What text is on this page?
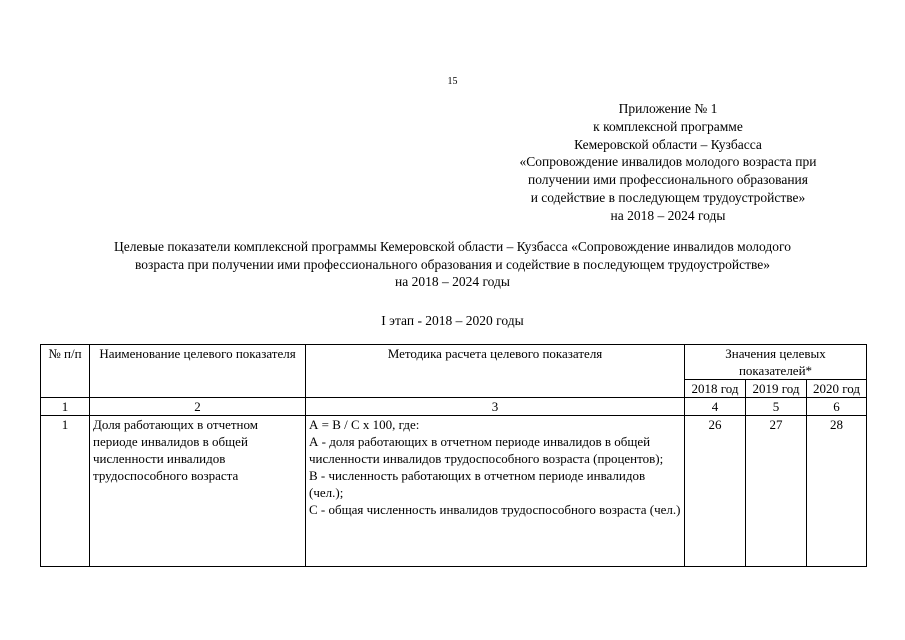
15
Приложение № 1
к комплексной программе
Кемеровской области – Кузбасса
«Сопровождение инвалидов молодого возраста при
получении ими профессионального образования
и содействие в последующем трудоустройстве»
на 2018 – 2024 годы
Целевые показатели комплексной программы Кемеровской области – Кузбасса «Сопровождение инвалидов молодого
возраста при получении ими профессионального образования и содействие в последующем трудоустройстве»
на 2018 – 2024 годы
I этап - 2018 – 2020 годы
№ п/п	Наименование целевого показателя	Методика расчета целевого показателя	Значения целевых показателей*		
			2018 год	2019 год	2020 год
1	2	3	4	5	6
1	Доля работающих в отчетном периоде инвалидов в общей численности инвалидов трудоспособного возраста	А = В / С х 100, где:
А - доля работающих в отчетном периоде инвалидов в общей численности инвалидов трудоспособного возраста (процентов);
В - численность работающих в отчетном периоде инвалидов (чел.);
С - общая численность инвалидов трудоспособного возраста (чел.)	26	27	28
